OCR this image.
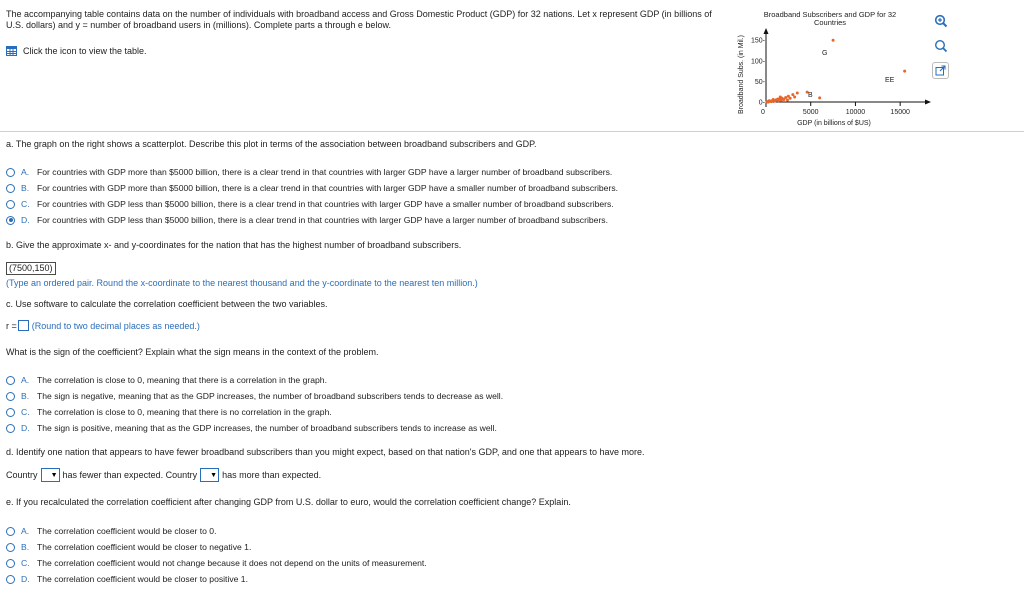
The accompanying table contains data on the number of individuals with broadband access and Gross Domestic Product (GDP) for 32 nations. Let x represent GDP (in billions of U.S. dollars) and y = number of broadband users in (millions). Complete parts a through e below.
Click the icon to view the table.
Broadband Subscribers and GDP for 32
Countries
Broadband Subs. (in Mil.) 150-
100-
50-
0-
0	5000	10000	15000
G
B
EE
GDP (in billions of $US)
a. The graph on the right shows a scatterplot. Describe this plot in terms of the association between broadband subscribers and GDP.
A. For countries with GDP more than $5000 billion, there is a clear trend in that countries with larger GDP have a larger number of broadband subscribers.
B. For countries with GDP more than $5000 billion, there is a clear trend in that countries with larger GDP have a smaller number of broadband subscribers.
C. For countries with GDP less than $5000 billion, there is a clear trend in that countries with larger GDP have a smaller number of broadband subscribers.
D. For countries with GDP less than $5000 billion, there is a clear trend in that countries with larger GDP have a larger number of broadband subscribers.
b. Give the approximate x- and y-coordinates for the nation that has the highest number of broadband subscribers.
(7500,150)
(Type an ordered pair. Round the x-coordinate to the nearest thousand and the y-coordinate to the nearest ten million.)
c. Use software to calculate the correlation coefficient between the two variables.
r = (Round to two decimal places as needed.)
What is the sign of the coefficient? Explain what the sign means in the context of the problem.
A. The correlation is close to 0, meaning that there is a correlation in the graph.
B. The sign is negative, meaning that as the GDP increases, the number of broadband subscribers tends to decrease as well.
C. The correlation is close to 0, meaning that there is no correlation in the graph.
D. The sign is positive, meaning that as the GDP increases, the number of broadband subscribers tends to increase as well.
d. Identify one nation that appears to have fewer broadband subscribers than you might expect, based on that nation's GDP, and one that appears to have more.
Country ▼ has fewer than expected. Country ▼ has more than expected.
e. If you recalculated the correlation coefficient after changing GDP from U.S. dollar to euro, would the correlation coefficient change? Explain.
A. The correlation coefficient would be closer to 0.
B. The correlation coefficient would be closer to negative 1.
C. The correlation coefficient would not change because it does not depend on the units of measurement.
D. The correlation coefficient would be closer to positive 1.
